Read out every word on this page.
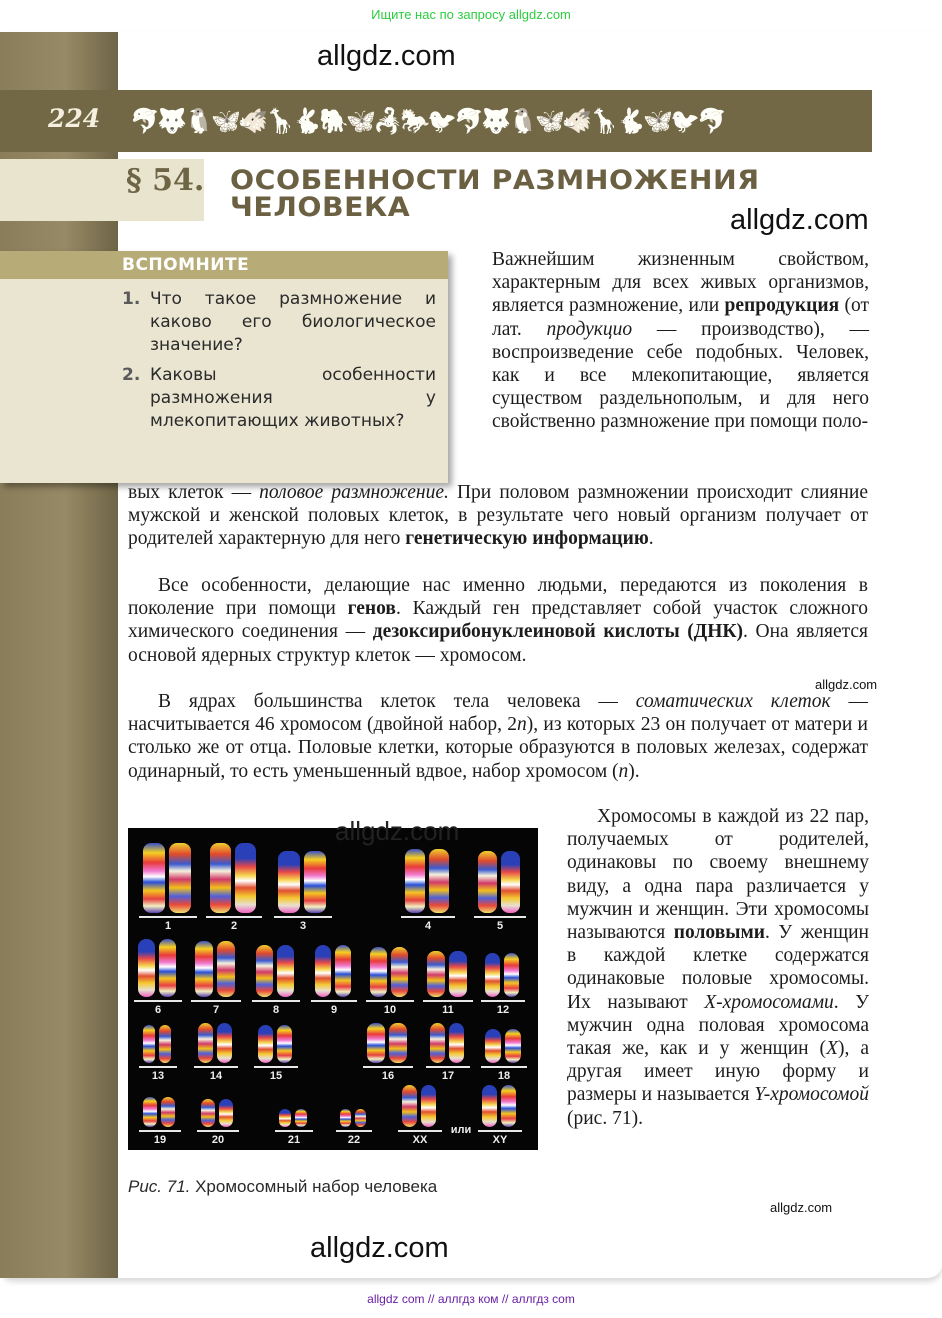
Ищите нас по запросу allgdz.com
allgdz.com
224 🐬
🐺
🐧
🦋
🐗
🦒
🐇
🐘
🦋
🦂
🐎
🐦
🐬
🐺
🐧
🦋
🐗
🦒
🐇
🦋
🐦
🐬
§ 54. ОСОБЕННОСТИ РАЗМНОЖЕНИЯ
ЧЕЛОВЕКА	allgdz.com
ВСПОМНИТЕ
1. Что такое размножение и каково его биологическое значение?
2. Каковы особенности размножения у млекопитающих животных?
Важнейшим жизненным свойством, характерным для всех живых организмов, является размножение, или репродукция (от лат. продукцио — производство), — воспроизведение себе подобных. Человек, как и все млекопитающие, является существом раздельнополым, и для него свойственно размножение при помощи поло-
вых клеток — половое размножение. При половом размножении происходит слияние мужской и женской половых клеток, в результате чего новый организм получает от родителей характерную для него генетическую информацию.
Все особенности, делающие нас именно людьми, передаются из поколения в поколение при помощи генов. Каждый ген представляет собой участок сложного химического соединения — дезоксирибонуклеиновой кислоты (ДНК). Она является основой ядерных структур клеток — хромосом.
allgdz.com
В ядрах большинства клеток тела человека — соматических клеток — насчитывается 46 хромосом (двойной набор, 2n), из которых 23 он получает от матери и столько же от отца. Половые клетки, которые образуются в половых железах, содержат одинарный, то есть уменьшенный вдвое, набор хромосом (n).
1	2	3	4	5
6	7	8	9	10	11	12
13	14	15	16	17	18
19	20	21	22	XX	XY
или
Хромосомы в каждой из 22 пар, получаемых от родителей, одинаковы по своему внешнему виду, а одна пара различается у мужчин и женщин. Эти хромосомы называются половыми. У женщин в каждой клетке содержатся одинаковые половые хромосомы. Их называют X-хромосомами. У мужчин одна половая хромосома такая же, как и у женщин (X), а другая имеет иную форму и размеры и называется Y-хромосомой (рис. 71).
allgdz.com
Рис. 71. Хромосомный набор человека
allgdz.com
allgdz com // аллгдз ком // аллгдз com
